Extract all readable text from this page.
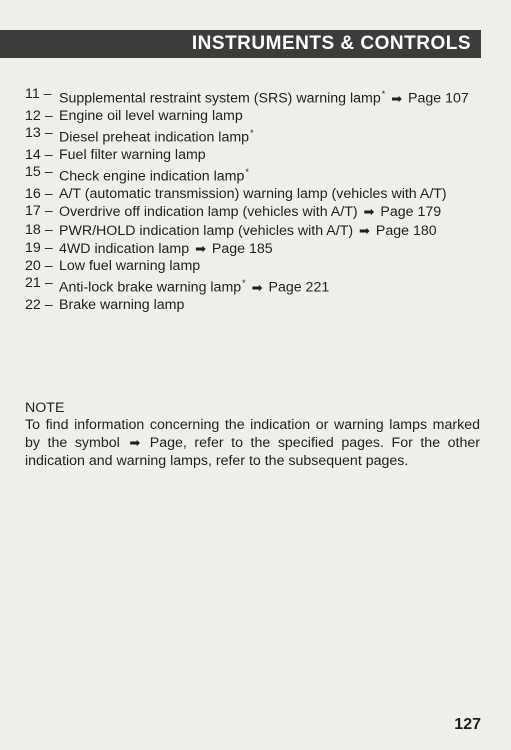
INSTRUMENTS & CONTROLS
11 – Supplemental restraint system (SRS) warning lamp* ➡ Page 107
12 – Engine oil level warning lamp
13 – Diesel preheat indication lamp*
14 – Fuel filter warning lamp
15 – Check engine indication lamp*
16 – A/T (automatic transmission) warning lamp (vehicles with A/T)
17 – Overdrive off indication lamp (vehicles with A/T) ➡ Page 179
18 – PWR/HOLD indication lamp (vehicles with A/T) ➡ Page 180
19 – 4WD indication lamp ➡ Page 185
20 – Low fuel warning lamp
21 – Anti-lock brake warning lamp* ➡ Page 221
22 – Brake warning lamp

NOTE

To find information concerning the indication or warning lamps marked by the symbol ➡ Page, refer to the specified pages. For the other indication and warning lamps, refer to the subsequent pages.

127
